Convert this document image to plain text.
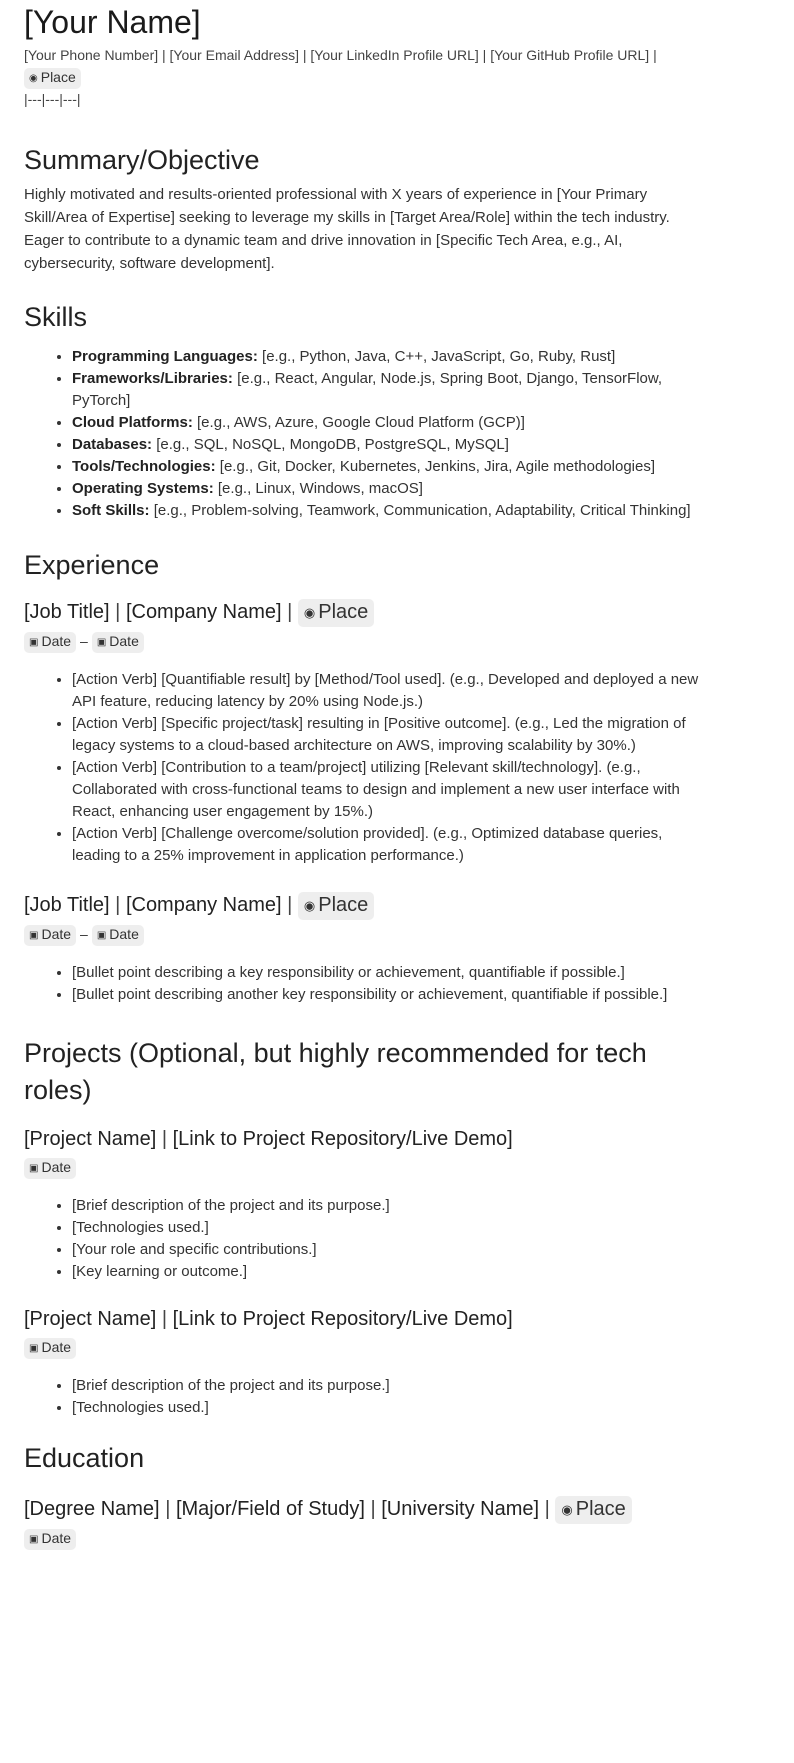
[Your Name]
[Your Phone Number] | [Your Email Address] | [Your LinkedIn Profile URL] | [Your GitHub Profile URL] | ◉ Place
|---|---|---|
Summary/Objective

Highly motivated and results-oriented professional with X years of experience in [Your Primary Skill/Area of Expertise] seeking to leverage my skills in [Target Area/Role] within the tech industry. Eager to contribute to a dynamic team and drive innovation in [Specific Tech Area, e.g., AI, cybersecurity, software development].

Skills
• Programming Languages: [e.g., Python, Java, C++, JavaScript, Go, Ruby, Rust]
• Frameworks/Libraries: [e.g., React, Angular, Node.js, Spring Boot, Django, TensorFlow, PyTorch]
• Cloud Platforms: [e.g., AWS, Azure, Google Cloud Platform (GCP)]
• Databases: [e.g., SQL, NoSQL, MongoDB, PostgreSQL, MySQL]
• Tools/Technologies: [e.g., Git, Docker, Kubernetes, Jenkins, Jira, Agile methodologies]
• Operating Systems: [e.g., Linux, Windows, macOS]
• Soft Skills: [e.g., Problem-solving, Teamwork, Communication, Adaptability, Critical Thinking]
Experience
[Job Title] | [Company Name] | ◉ Place
▣ Date – ▣ Date
• [Action Verb] [Quantifiable result] by [Method/Tool used]. (e.g., Developed and deployed a new API feature, reducing latency by 20% using Node.js.)
• [Action Verb] [Specific project/task] resulting in [Positive outcome]. (e.g., Led the migration of legacy systems to a cloud-based architecture on AWS, improving scalability by 30%.)
• [Action Verb] [Contribution to a team/project] utilizing [Relevant skill/technology]. (e.g., Collaborated with cross-functional teams to design and implement a new user interface with React, enhancing user engagement by 15%.)
• [Action Verb] [Challenge overcome/solution provided]. (e.g., Optimized database queries, leading to a 25% improvement in application performance.)
[Job Title] | [Company Name] | ◉ Place
▣ Date – ▣ Date
• [Bullet point describing a key responsibility or achievement, quantifiable if possible.]
• [Bullet point describing another key responsibility or achievement, quantifiable if possible.]
Projects (Optional, but highly recommended for tech roles)
[Project Name] | [Link to Project Repository/Live Demo]
▣ Date
• [Brief description of the project and its purpose.]
• [Technologies used.]
• [Your role and specific contributions.]
• [Key learning or outcome.]
[Project Name] | [Link to Project Repository/Live Demo]
▣ Date
• [Brief description of the project and its purpose.]
• [Technologies used.]
Education
[Degree Name] | [Major/Field of Study] | [University Name] | ◉ Place
▣ Date
